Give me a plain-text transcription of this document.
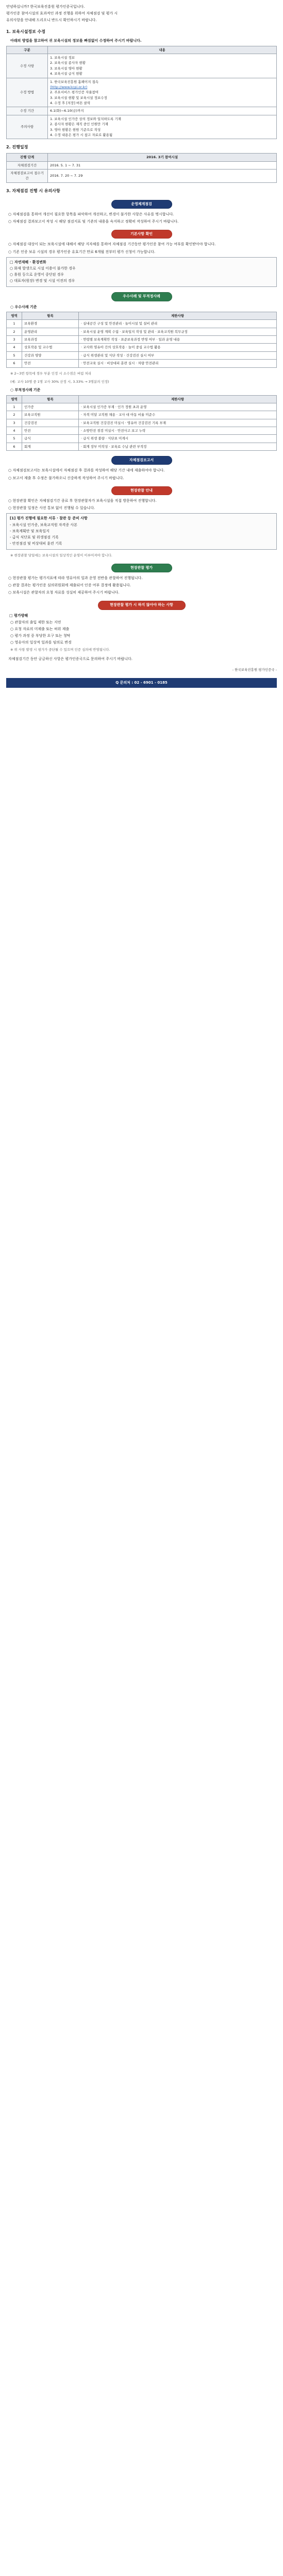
안녕하십니까? 한국보육진흥원 평가인증국입니다.

평가인증 참여시설의 효과적인 과정 진행을 위하여 자체점검 및 평가 시

유의사항을 안내해 드리오니 반드시 확인하시기 바랍니다.

1. 보육시설정보 수정
아래의 방법을 참고하여 귀 보육시설의 정보를 빠짐없이 수정하여 주시기 바랍니다.
구분	내용
수정 사항	1. 보육시설 정보
2. 보육시설 종사자 현황
3. 보육시설 영아 현황
4. 보육시설 급식 현황

수정 방법	1. 한국보육진흥원 홈페이지 접속
(http://www.kcpi.or.kr)
2. 주요서비스 평가인증 자율참여
3. 보육시설 현황 및 보육시설 정보수정
4. 수정 후 [저장] 버튼 클릭

수정 기간	6.1(화)~6.10(금)까지

주의사항	1. 보육시설 인가증 상의 정보와 일치하도록 기재
2. 종사자 현황은 재직 중인 인원만 기재
3. 영아 현황은 현원 기준으로 작성
4. 수정 내용은 평가 시 참고 자료로 활용됨
2. 진행일정
진행 단계	2016. 3기 참여시설
자체점검기간	2016. 5. 1 ~ 7. 31
자체점검보고서 접수기간	2016. 7. 20 ~ 7. 29
3. 자체점검 진행 시 유의사항
운영체계점검
○ 자체점검을 통하여 개선이 필요한 항목을 파악하여 개선하고, 변경이 불가한 사항은 사유를 명시합니다.
○ 자체점검 결과보고서 작성 시 해당 점검지표 및 기준의 내용을 숙지하고 정확히 작성하여 주시기 바랍니다.
기본사항 확인
○ 자체점검 대상이 되는 보육시설에 대해서 해당 지자체를 통하여 자체점검 기간동안 평가인증 참여 가능 여부를 확인받아야 합니다.
○ 기존 인증 보유 시설의 경우 평가인증 유효기간 만료 6개월 전부터 평가 신청이 가능합니다.

□ 자연재해 · 환경변화

○ 화재 발생으로 시설 이용이 불가한 경우

○ 휴원 등으로 운영이 중단된 경우

○ 대표자(원장) 변경 및 시설 이전의 경우

우수사례 및 부적정사례
○ 우수사례 기준
영역	항목	제한사항
1	보육환경	· 실내공간 구성 및 안전관리 · 놀이시설 및 설비 관리
2	운영관리	· 보육시설 운영 계획 수립 · 보육일지 작성 및 관리 · 보육교직원 복무규정
3	보육과정	· 연령별 보육계획안 작성 · 표준보육과정 반영 여부 · 일과 운영 내용
4	상호작용 및 교수법	· 교사와 영유아 간의 상호작용 · 놀이 중심 교수법 활용
5	건강과 영양	· 급식 위생관리 및 식단 작성 · 건강검진 실시 여부
6	안전	· 안전교육 실시 · 비상대피 훈련 실시 · 차량 안전관리
※ 2~3번 항목에 경우 부분 인정 시 소수점은 버림 처리
(예: 교사 10명 중 1명 교사 30% 산정 시, 3.33% → 3명분의 인정)
○ 부적정사례 기준
영역	항목	제한사항
1	인가증	· 보육시설 인가증 부재 · 인가 정원 초과 운영
2	보육교직원	· 자격 미달 교직원 채용 · 교사 대 아동 비율 미준수
3	건강검진	· 보육교직원 건강검진 미실시 · 영유아 건강검진 기록 부재
4	안전	· 소방안전 점검 미실시 · 안전사고 보고 누락
5	급식	· 급식 위생 불량 · 식단표 미게시
6	회계	· 회계 장부 미작성 · 보육료 수납 관련 부적정
자체점검보고서
○ 자체점검보고서는 보육시설에서 자체점검 후 결과를 작성하여 해당 기간 내에 제출하여야 합니다.
○ 보고서 제출 후 수정은 불가하오니 신중하게 작성하여 주시기 바랍니다.
현장관찰 안내
○ 현장관찰 확인은 자체점검기간 종료 후 현장관찰자가 보육시설을 직접 방문하여 진행합니다.
○ 현장관찰 일정은 사전 통보 없이 진행될 수 있습니다.

[1] 평가 진행에 필요한 서류 · 참관 등 준비 사항

- 보육시설 인가증, 보육교직원 자격증 사본

- 보육계획안 및 보육일지

- 급식 식단표 및 위생점검 기록

- 안전점검 및 비상대피 훈련 기록

※ 현장관찰 당일에는 보육시설의 일상적인 운영이 이루어져야 합니다.
현장관찰 평가
○ 현장관찰 평가는 평가지표에 따라 영유아의 일과 운영 전반을 관찰하여 진행됩니다.
○ 관찰 결과는 평가인증 심의위원회에 제출되어 인증 여부 결정에 활용됩니다.
○ 보육시설은 관찰자의 요청 자료를 성실히 제공하여 주시기 바랍니다.
현장관찰 평가 시 하지 않아야 하는 사항
□ 평가방해
○ 관찰자의 출입 제한 또는 지연
○ 요청 자료의 미제출 또는 허위 제출
○ 평가 과정 중 부당한 요구 또는 청탁
○ 영유아의 일상적 일과를 임의로 변경
※ 위 사항 발생 시 평가가 중단될 수 있으며 인증 심의에 반영됩니다.
자체점검기간 동안 궁금하신 사항은 평가인증국으로 문의하여 주시기 바랍니다.
- 한국보육진흥원 평가인증국 -
Q 문의처 : 02 - 6901 - 0185
